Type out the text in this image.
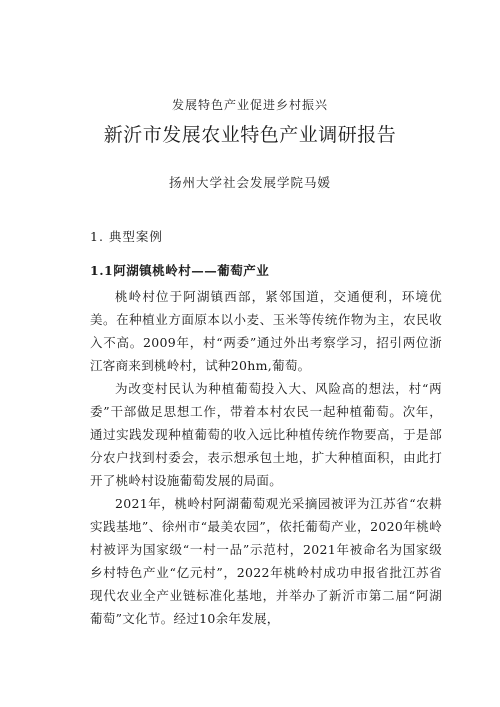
发展特色产业促进乡村振兴
新沂市发展农业特色产业调研报告
扬州大学社会发展学院马媛
1. 典型案例
1.1阿湖镇桃岭村——葡萄产业

桃岭村位于阿湖镇西部，紧邻国道，交通便利，环境优美。在种植业方面原本以小麦、玉米等传统作物为主，农民收入不高。2009年，村“两委”通过外出考察学习，招引两位浙江客商来到桃岭村，试种20hm,葡萄。

为改变村民认为种植葡萄投入大、风险高的想法，村“两委”干部做足思想工作，带着本村农民一起种植葡萄。次年，通过实践发现种植葡萄的收入远比种植传统作物要高，于是部分农户找到村委会，表示想承包土地，扩大种植面积，由此打开了桃岭村设施葡萄发展的局面。

2021年，桃岭村阿湖葡萄观光采摘园被评为江苏省“农耕实践基地”、徐州市“最美农园”，依托葡萄产业，2020年桃岭村被评为国家级“一村一品”示范村，2021年被命名为国家级乡村特色产业“亿元村”，2022年桃岭村成功申报省批江苏省现代农业全产业链标准化基地，并举办了新沂市第二届“阿湖葡萄”文化节。经过10余年发展，
